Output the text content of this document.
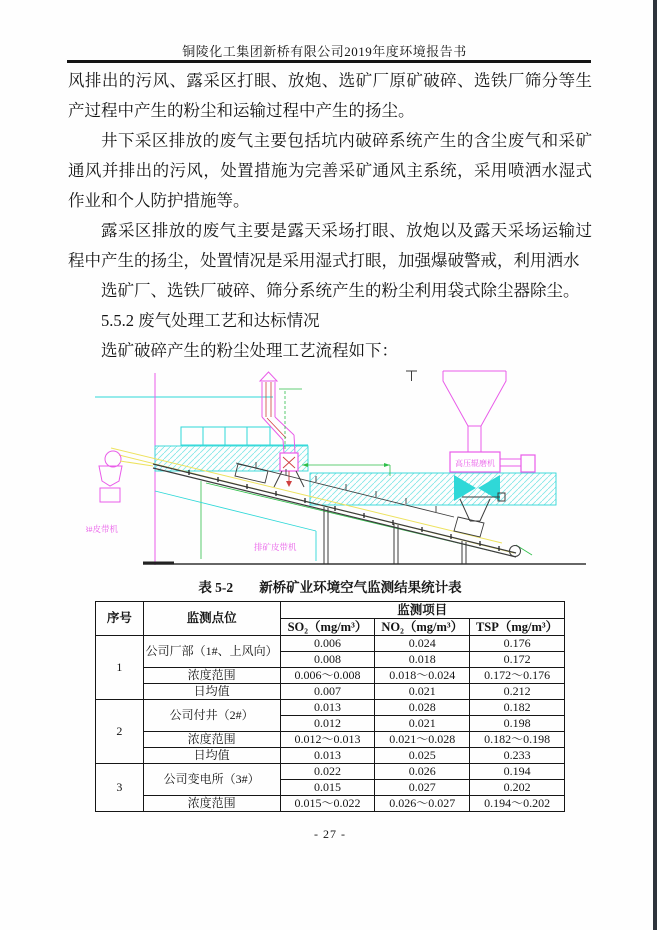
铜陵化工集团新桥有限公司2019年度环境报告书

风排出的污风、露采区打眼、放炮、选矿厂原矿破碎、选铁厂筛分等生产过程中产生的粉尘和运输过程中产生的扬尘。

井下采区排放的废气主要包括坑内破碎系统产生的含尘废气和采矿通风并排出的污风，处置措施为完善采矿通风主系统，采用喷洒水湿式作业和个人防护措施等。

露采区排放的废气主要是露天采场打眼、放炮以及露天采场运输过程中产生的扬尘，处置情况是采用湿式打眼，加强爆破警戒，利用洒水

选矿厂、选铁厂破碎、筛分系统产生的粉尘利用袋式除尘器除尘。

5.5.2 废气处理工艺和达标情况

选矿破碎产生的粉尘处理工艺流程如下：

高压辊磨机
3#皮带机
排矿皮带机
表 5-2 新桥矿业环境空气监测结果统计表
序号	监测点位	监测项目		
		SO₂（mg/m³）	NO₂（mg/m³）	TSP（mg/m³）
1	公司厂部（1#、上风向）	0.006	0.024	0.176
		0.008	0.018	0.172
	浓度范围	0.006～0.008	0.018～0.024	0.172～0.176
	日均值	0.007	0.021	0.212
2	公司付井（2#）	0.013	0.028	0.182
		0.012	0.021	0.198
	浓度范围	0.012～0.013	0.021～0.028	0.182～0.198
	日均值	0.013	0.025	0.233
3	公司变电所（3#）	0.022	0.026	0.194
		0.015	0.027	0.202
	浓度范围	0.015～0.022	0.026～0.027	0.194～0.202
- 27 -
